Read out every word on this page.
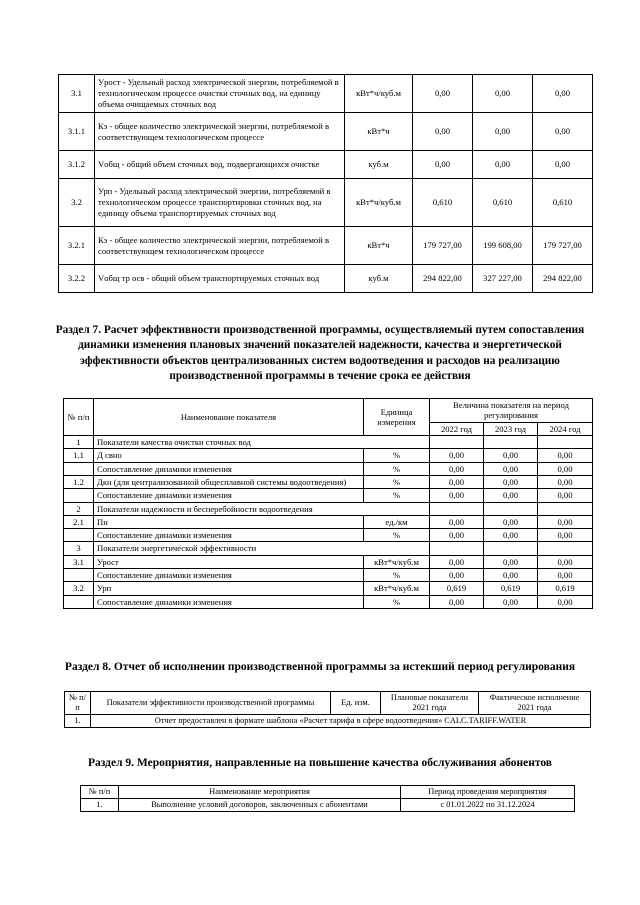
3.1	Уpост - Удельный расход электрической энергии, потребляемой в технологическом процессе очистки сточных вод, на единицу объема очищаемых сточных вод	кВт*ч/куб.м	0,00	0,00	0,00
3.1.1	Кэ - общее количество электрической энергии, потребляемой в соответствующем технологическом процессе	кВт*ч	0,00	0,00	0,00
3.1.2	Vобщ - общий объем сточных вод, подвергающихся очистке	куб.м	0,00	0,00	0,00
3.2	Урп - Удельный расход электрической энергии, потребляемой в технологическом процессе транспортировки сточных вод, на единицу объема транспортируемых сточных вод	кВт*ч/куб.м	0,610	0,610	0,610
3.2.1	Кэ - общее количество электрической энергии, потребляемой в соответствующем технологическом процессе	кВт*ч	179 727,00	199 608,00	179 727,00
3.2.2	Vобщ тр осв - общий объем транспортируемых сточных вод	куб.м	294 822,00	327 227,00	294 822,00
Раздел 7. Расчет эффективности производственной программы, осуществляемый путем сопоставления динамики изменения плановых значений показателей надежности, качества и энергетической эффективности объектов централизованных систем водоотведения и расходов на реализацию производственной программы в течение срока ее действия
№ п/п	Наименование показателя	Единица измерения	Величина показателя на период регулирования		
			2022 год	2023 год	2024 год
1	Показатели качества очистки сточных вод				
1.1	Д свно	%	0,00	0,00	0,00
	Сопоставление динамики изменения	%	0,00	0,00	0,00
1.2	Дкн (для централизованной общесплавной системы водоотведения)	%	0,00	0,00	0,00
	Сопоставление динамики изменения	%	0,00	0,00	0,00
2	Показатели надежности и бесперебойности водоотведения				
2.1	Пн	ед./км	0,00	0,00	0,00
	Сопоставление динамики изменения	%	0,00	0,00	0,00
3	Показатели энергетической эффективности				
3.1	Урост	кВт*ч/куб.м	0,00	0,00	0,00
	Сопоставление динамики изменения	%	0,00	0,00	0,00
3.2	Урп	кВт*ч/куб.м	0,619	0,619	0,619
	Сопоставление динамики изменения	%	0,00	0,00	0,00
Раздел 8. Отчет об исполнении производственной программы за истекший период регулирования
№ п/п	Показатели эффективности производственной программы	Ед. изм.	Плановые показатели 2021 года	Фактическое исполнение 2021 года
1.	Отчет предоставлен в формате шаблона «Расчет тарифа в сфере водоотведения» CALC.TARIFF.WATER			
Раздел 9. Мероприятия, направленные на повышение качества обслуживания абонентов
№ п/п	Наименование мероприятия	Период проведения мероприятия
1.	Выполнение условий договоров, заключенных с абонентами	с 01.01.2022 по 31.12.2024
